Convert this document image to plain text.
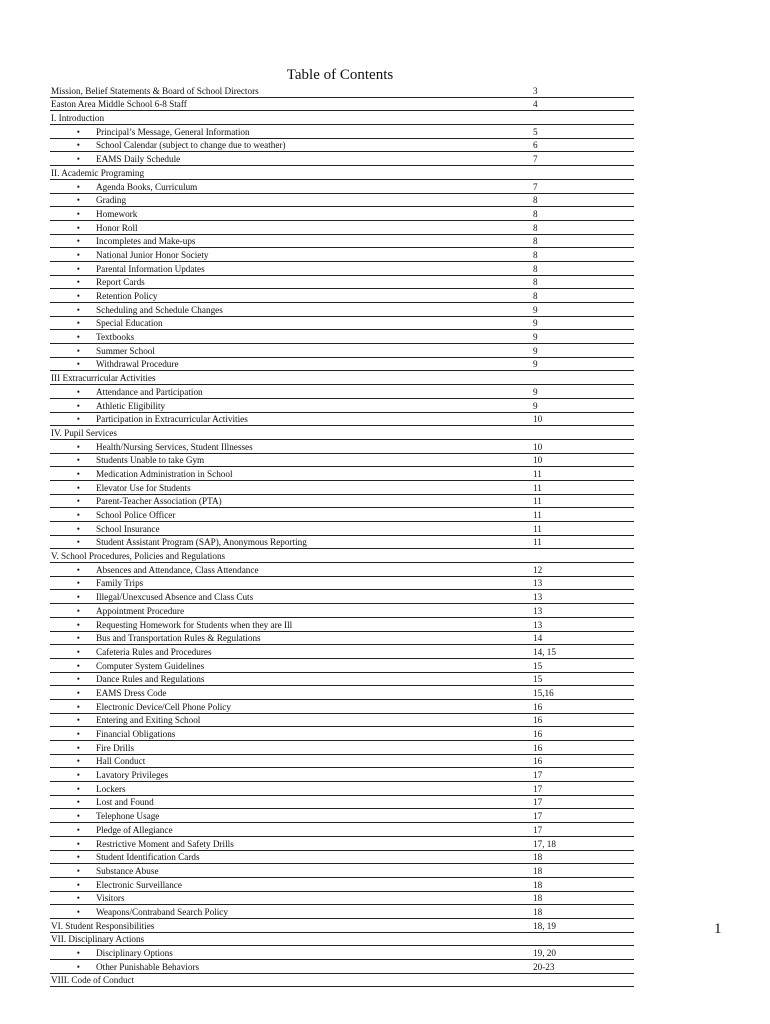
Table of Contents
Mission, Belief Statements & Board of School Directors		3
Easton Area Middle School 6-8 Staff		4
I. Introduction		
•	Principal’s Message, General Information	5
•	School Calendar (subject to change due to weather)	6
•	EAMS Daily Schedule	7
II. Academic Programing		
•	Agenda Books, Curriculum	7
•	Grading	8
•	Homework	8
•	Honor Roll	8
•	Incompletes and Make-ups	8
•	National Junior Honor Society	8
•	Parental Information Updates	8
•	Report Cards	8
•	Retention Policy	8
•	Scheduling and Schedule Changes	9
•	Special Education	9
•	Textbooks	9
•	Summer School	9
•	Withdrawal Procedure	9
III Extracurricular Activities		
•	Attendance and Participation	9
•	Athletic Eligibility	9
•	Participation in Extracurricular Activities	10
IV. Pupil Services		
•	Health/Nursing Services, Student Illnesses	10
•	Students Unable to take Gym	10
•	Medication Administration in School	11
•	Elevator Use for Students	11
•	Parent-Teacher Association (PTA)	11
•	School Police Officer	11
•	School Insurance	11
•	Student Assistant Program (SAP), Anonymous Reporting	11
V. School Procedures, Policies and Regulations		
•	Absences and Attendance, Class Attendance	12
•	Family Trips	13
•	Illegal/Unexcused Absence and Class Cuts	13
•	Appointment Procedure	13
•	Requesting Homework for Students when they are Ill	13
•	Bus and Transportation Rules & Regulations	14
•	Cafeteria Rules and Procedures	14, 15
•	Computer System Guidelines	15
•	Dance Rules and Regulations	15
•	EAMS Dress Code	15,16
•	Electronic Device/Cell Phone Policy	16
•	Entering and Exiting School	16
•	Financial Obligations	16
•	Fire Drills	16
•	Hall Conduct	16
•	Lavatory Privileges	17
•	Lockers	17
•	Lost and Found	17
•	Telephone Usage	17
•	Pledge of Allegiance	17
•	Restrictive Moment and Safety Drills	17, 18
•	Student Identification Cards	18
•	Substance Abuse	18
•	Electronic Surveillance	18
•	Visitors	18
•	Weapons/Contraband Search Policy	18
VI. Student Responsibilities		18, 19
VII. Disciplinary Actions		
•	Disciplinary Options	19, 20
•	Other Punishable Behaviors	20-23
VIII. Code of Conduct		
1
